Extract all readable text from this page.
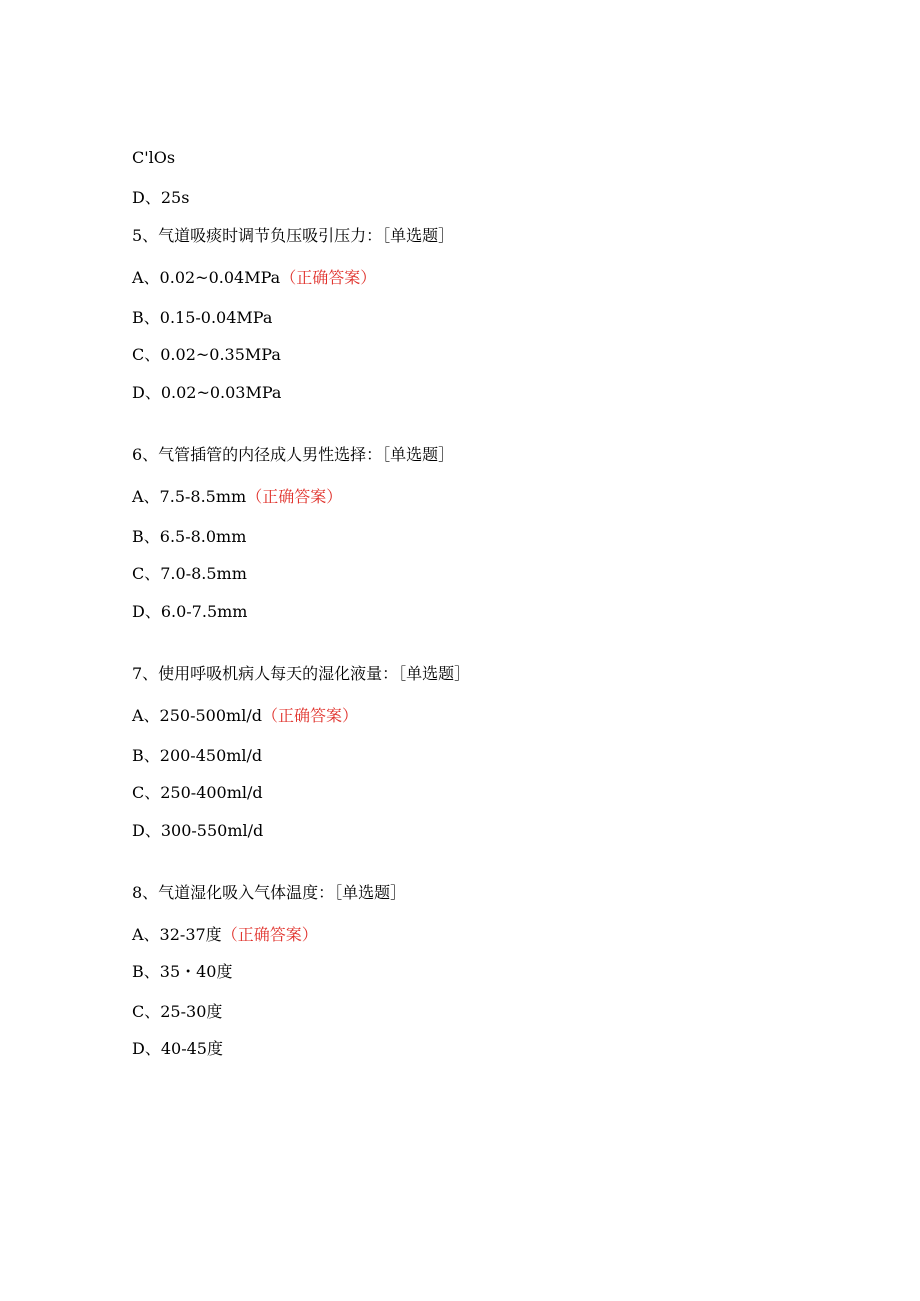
C'lOs
D、25s
5、气道吸痰时调节负压吸引压力：［单选题］
A、0.02~0.04MPa（正确答案）
B、0.15-0.04MPa
C、0.02~0.35MPa
D、0.02~0.03MPa
6、气管插管的内径成人男性选择：［单选题］
A、7.5-8.5mm（正确答案）
B、6.5-8.0mm
C、7.0-8.5mm
D、6.0-7.5mm
7、使用呼吸机病人每天的湿化液量：［单选题］
A、250-500ml∕d（正确答案）
B、200-450ml∕d
C、250-400ml∕d
D、300-550ml∕d
8、气道湿化吸入气体温度：［单选题］
A、32-37度（正确答案）
B、35・40度
C、25-30度
D、40-45度
